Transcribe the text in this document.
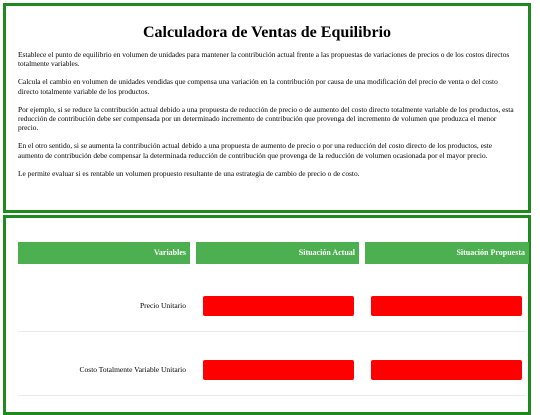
Calculadora de Ventas de Equilibrio

Establece el punto de equilibrio en volumen de unidades para mantener la contribución actual frente a las propuestas de variaciones de precios o de los costos directos totalmente variables.

Calcula el cambio en volumen de unidades vendidas que compensa una variación en la contribución por causa de una modificación del precio de venta o del costo directo totalmente variable de los productos.

Por ejemplo, si se reduce la contribución actual debido a una propuesta de reducción de precio o de aumento del costo directo totalmente variable de los productos, esta reducción de contribución debe ser compensada por un determinado incremento de contribución que provenga del incremento de volumen que produzca el menor precio.

En el otro sentido, si se aumenta la contribución actual debido a una propuesta de aumento de precio o por una reducción del costo directo de los productos, este aumento de contribución debe compensar la determinada reducción de contribución que provenga de la reducción de volumen ocasionada por el mayor precio.

Le permite evaluar si es rentable un volumen propuesto resultante de una estrategia de cambio de precio o de costo.

Variables	Situación Actual	Situación Propuesta
Precio Unitario
Costo Totalmente Variable Unitario
